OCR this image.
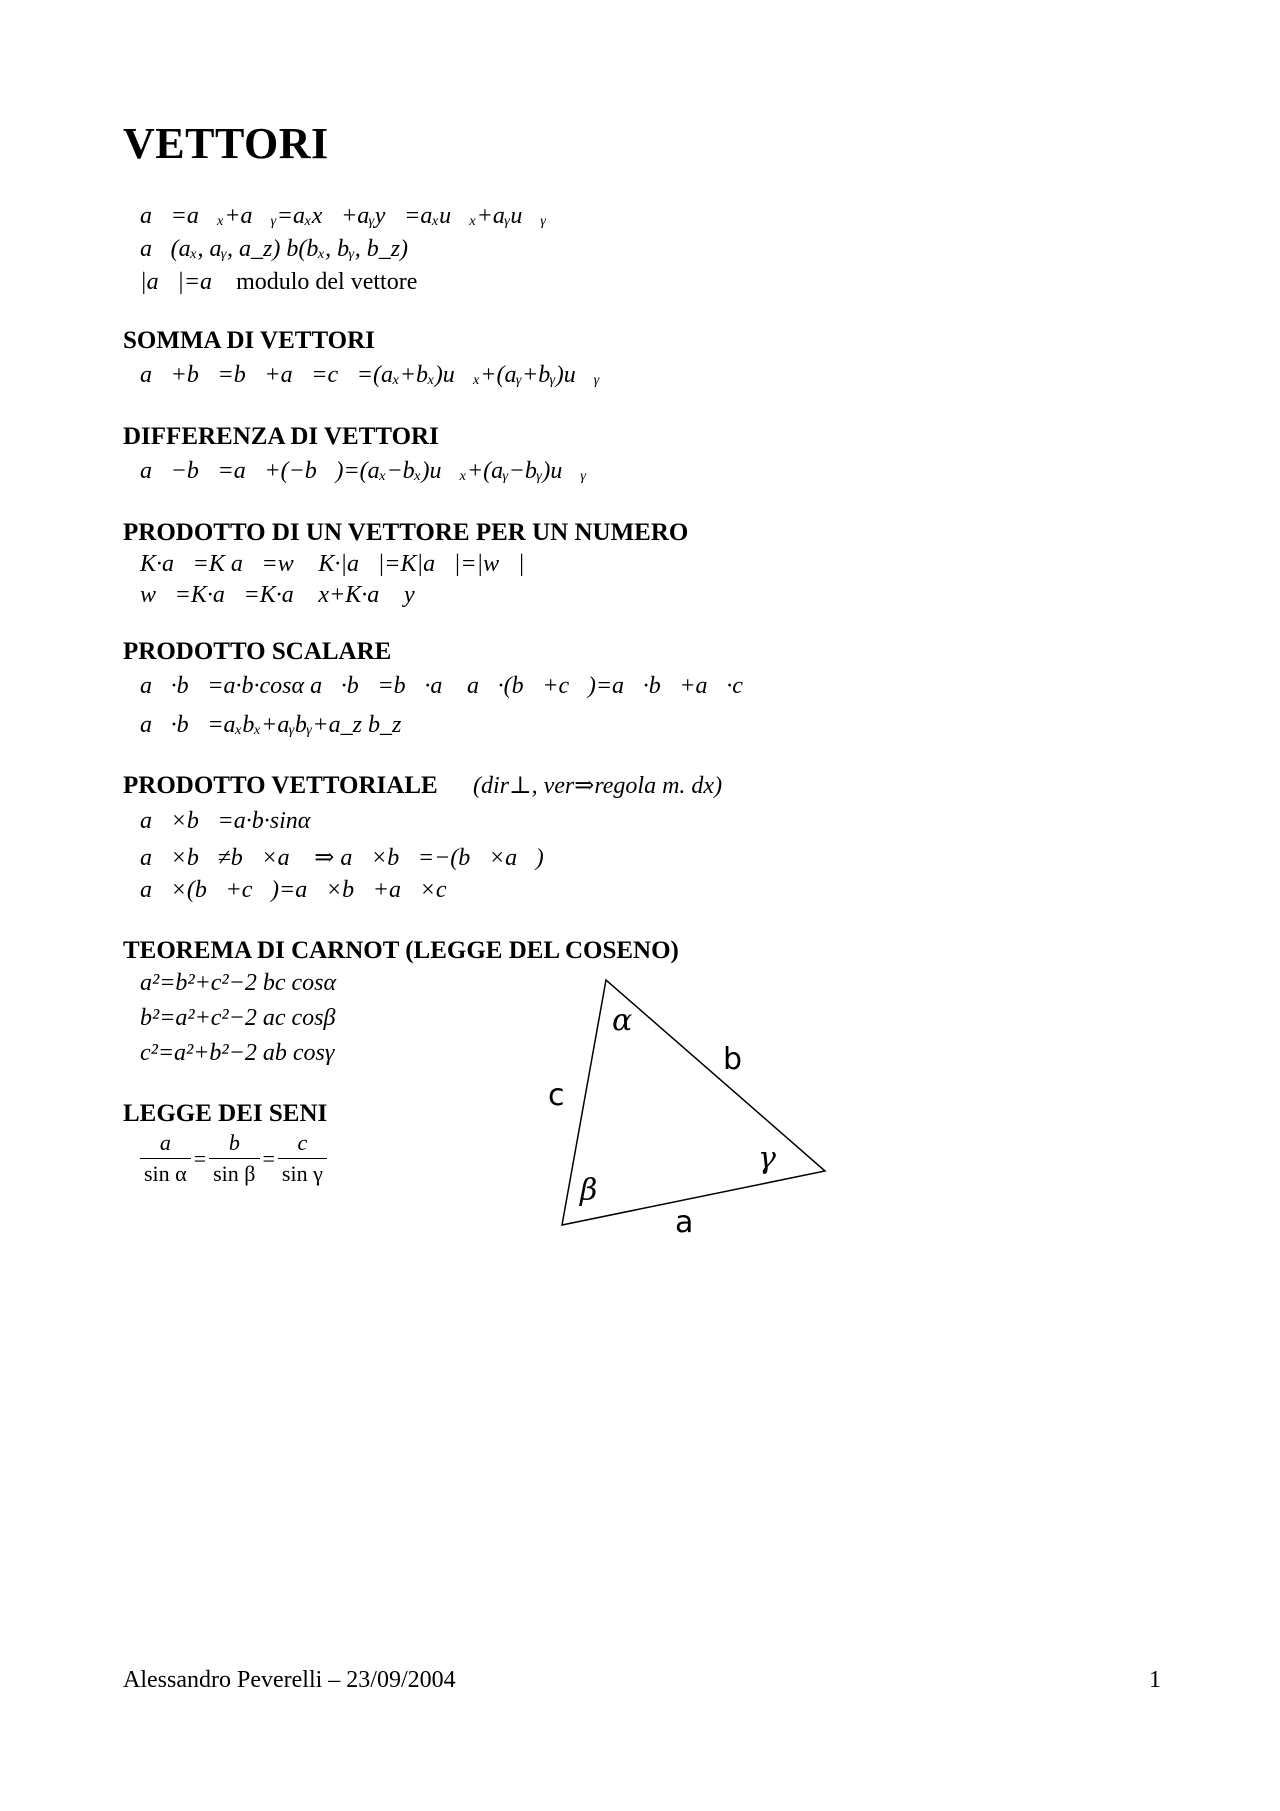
VETTORI
a⃗=a⃗ₓ+a⃗ᵧ=aₓx⃗+aᵧy⃗=aₓu⃗ₓ+aᵧu⃗ᵧ
a⃗(aₓ, aᵧ, a_z) b(bₓ, bᵧ, b_z)
|a⃗|=a modulo del vettore
SOMMA DI VETTORI
a⃗+b⃗=b⃗+a⃗=c⃗=(aₓ+bₓ)u⃗ₓ+(aᵧ+bᵧ)u⃗ᵧ
DIFFERENZA DI VETTORI
a⃗−b⃗=a⃗+(−b⃗)=(aₓ−bₓ)u⃗ₓ+(aᵧ−bᵧ)u⃗ᵧ
PRODOTTO DI UN VETTORE PER UN NUMERO
K·a⃗=K a⃗=w⃗ K·|a⃗|=K|a⃗|=|w⃗|
w⃗=K·a⃗=K·a⃗ x+K·a⃗ y
PRODOTTO SCALARE
a⃗·b⃗=a·b·cosα a⃗·b⃗=b⃗·a⃗ a⃗·(b⃗+c⃗)=a⃗·b⃗+a⃗·c⃗
a⃗·b⃗=aₓbₓ+aᵧbᵧ+a_z b_z
PRODOTTO VETTORIALE (dir⊥, ver⇒regola m. dx)
a⃗×b⃗=a·b·sinα
a⃗×b⃗≠b⃗×a⃗ ⇒ a⃗×b⃗=−(b⃗×a⃗)
a⃗×(b⃗+c⃗)=a⃗×b⃗+a⃗×c⃗
TEOREMA DI CARNOT (LEGGE DEL COSENO)
a²=b²+c²−2 bc cosα
b²=a²+c²−2 ac cosβ
c²=a²+b²−2 ab cosγ
LEGGE DEI SENI
$\frac{a}{\text{sin α}} = \frac{b}{\text{sin β}} = \frac{c}{\text{sin γ}}$
α
b
c
γ
β
a
Alessandro Peverelli – 23/09/2004	1
